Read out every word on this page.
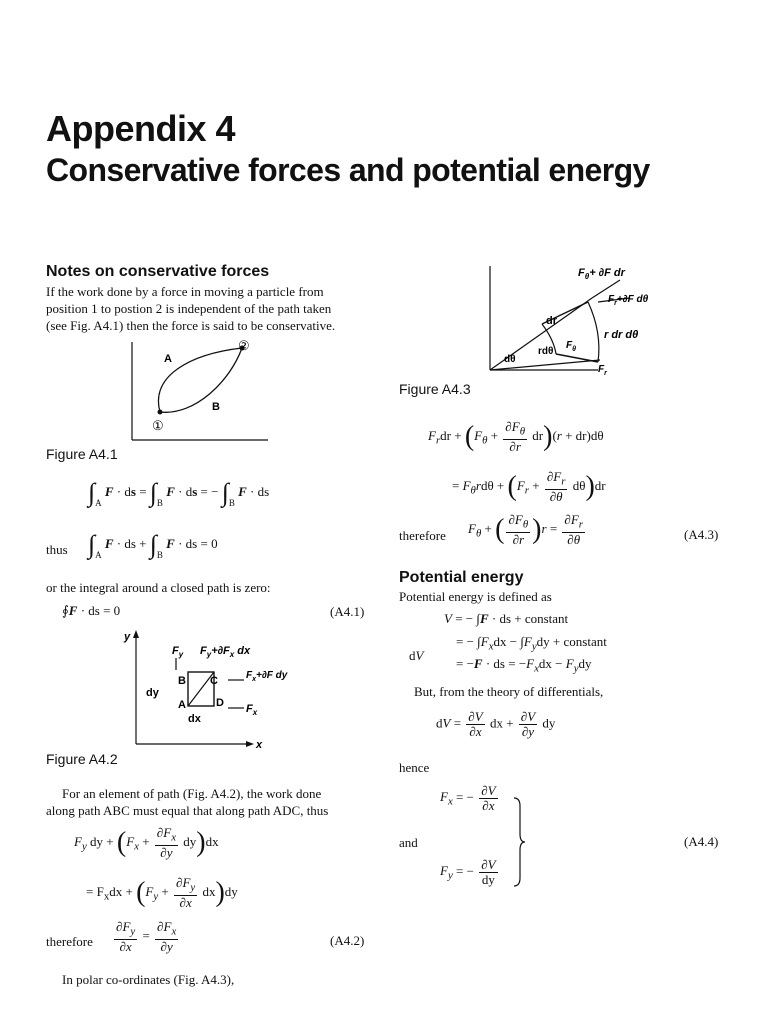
Appendix 4
Conservative forces and potential energy
Notes on conservative forces
If the work done by a force in moving a particle from
position 1 to postion 2 is independent of the path taken
(see Fig. A4.1) then the force is said to be conservative.
A
B
①
②
Figure A4.1
$\int_A$ F · ds = $\int_B$ F · ds = − $\int_B$ F · ds
thus $\int_A$ F · ds + $\int_B$ F · ds = 0
or the integral around a closed path is zero:
∮F · ds = 0	(A4.1)
y
x
B C
A	D
dy
dx
$F_y$ $F_y+\partial F_x$ dx
$F_x+\partial F$ dy
$F_x$
Figure A4.2
For an element of path (Fig. A4.2), the work done
along path ABC must equal that along path ADC, thus
$F_y$ dy + $(F_x + \frac{\partial F_x}{\partial y} dy)dx$
= $F_xdx + (F_y + \frac{\partial F_y}{\partial x} dx)dy$
therefore $\frac{\partial F_y}{\partial x} = \frac{\partial F_x}{\partial y}$	(A4.2)
In polar co-ordinates (Fig. A4.3),
$F_\theta+ \partial F$ dr
$F_r+\partial F$ dθ
dr
r dr dθ
rdθ
dθ
$F_\theta$
$F_r$
Figure A4.3
$F_rdr + (F_\theta + \frac{\partial F_\theta}{\partial r} dr)(r + dr)d\theta$
= $F_\theta rd\theta + (F_r + \frac{\partial F_r}{\partial\theta} d\theta)dr$
therefore $F_\theta$ + ( $\frac{\partial F_\theta}{\partial r} )r = \frac{\partial F_r}{\partial\theta}$	(A4.3)
Potential energy
Potential energy is defined as
V = − ∫F · ds + constant
= − $\int F_xdx - \int F_ydy$ + constant
dV
= −F · ds = $-F_xdx - F_ydy$
But, from the theory of differentials,
dV = $\frac{\partial V}{\partial x}$ dx + $\frac{\partial V}{\partial y}$ dy
hence
$F_x$ = − $\frac{\partial V}{\partial x}$
and
$F_y$ = − $\frac{\partial V}{dy}$
(A4.4)
